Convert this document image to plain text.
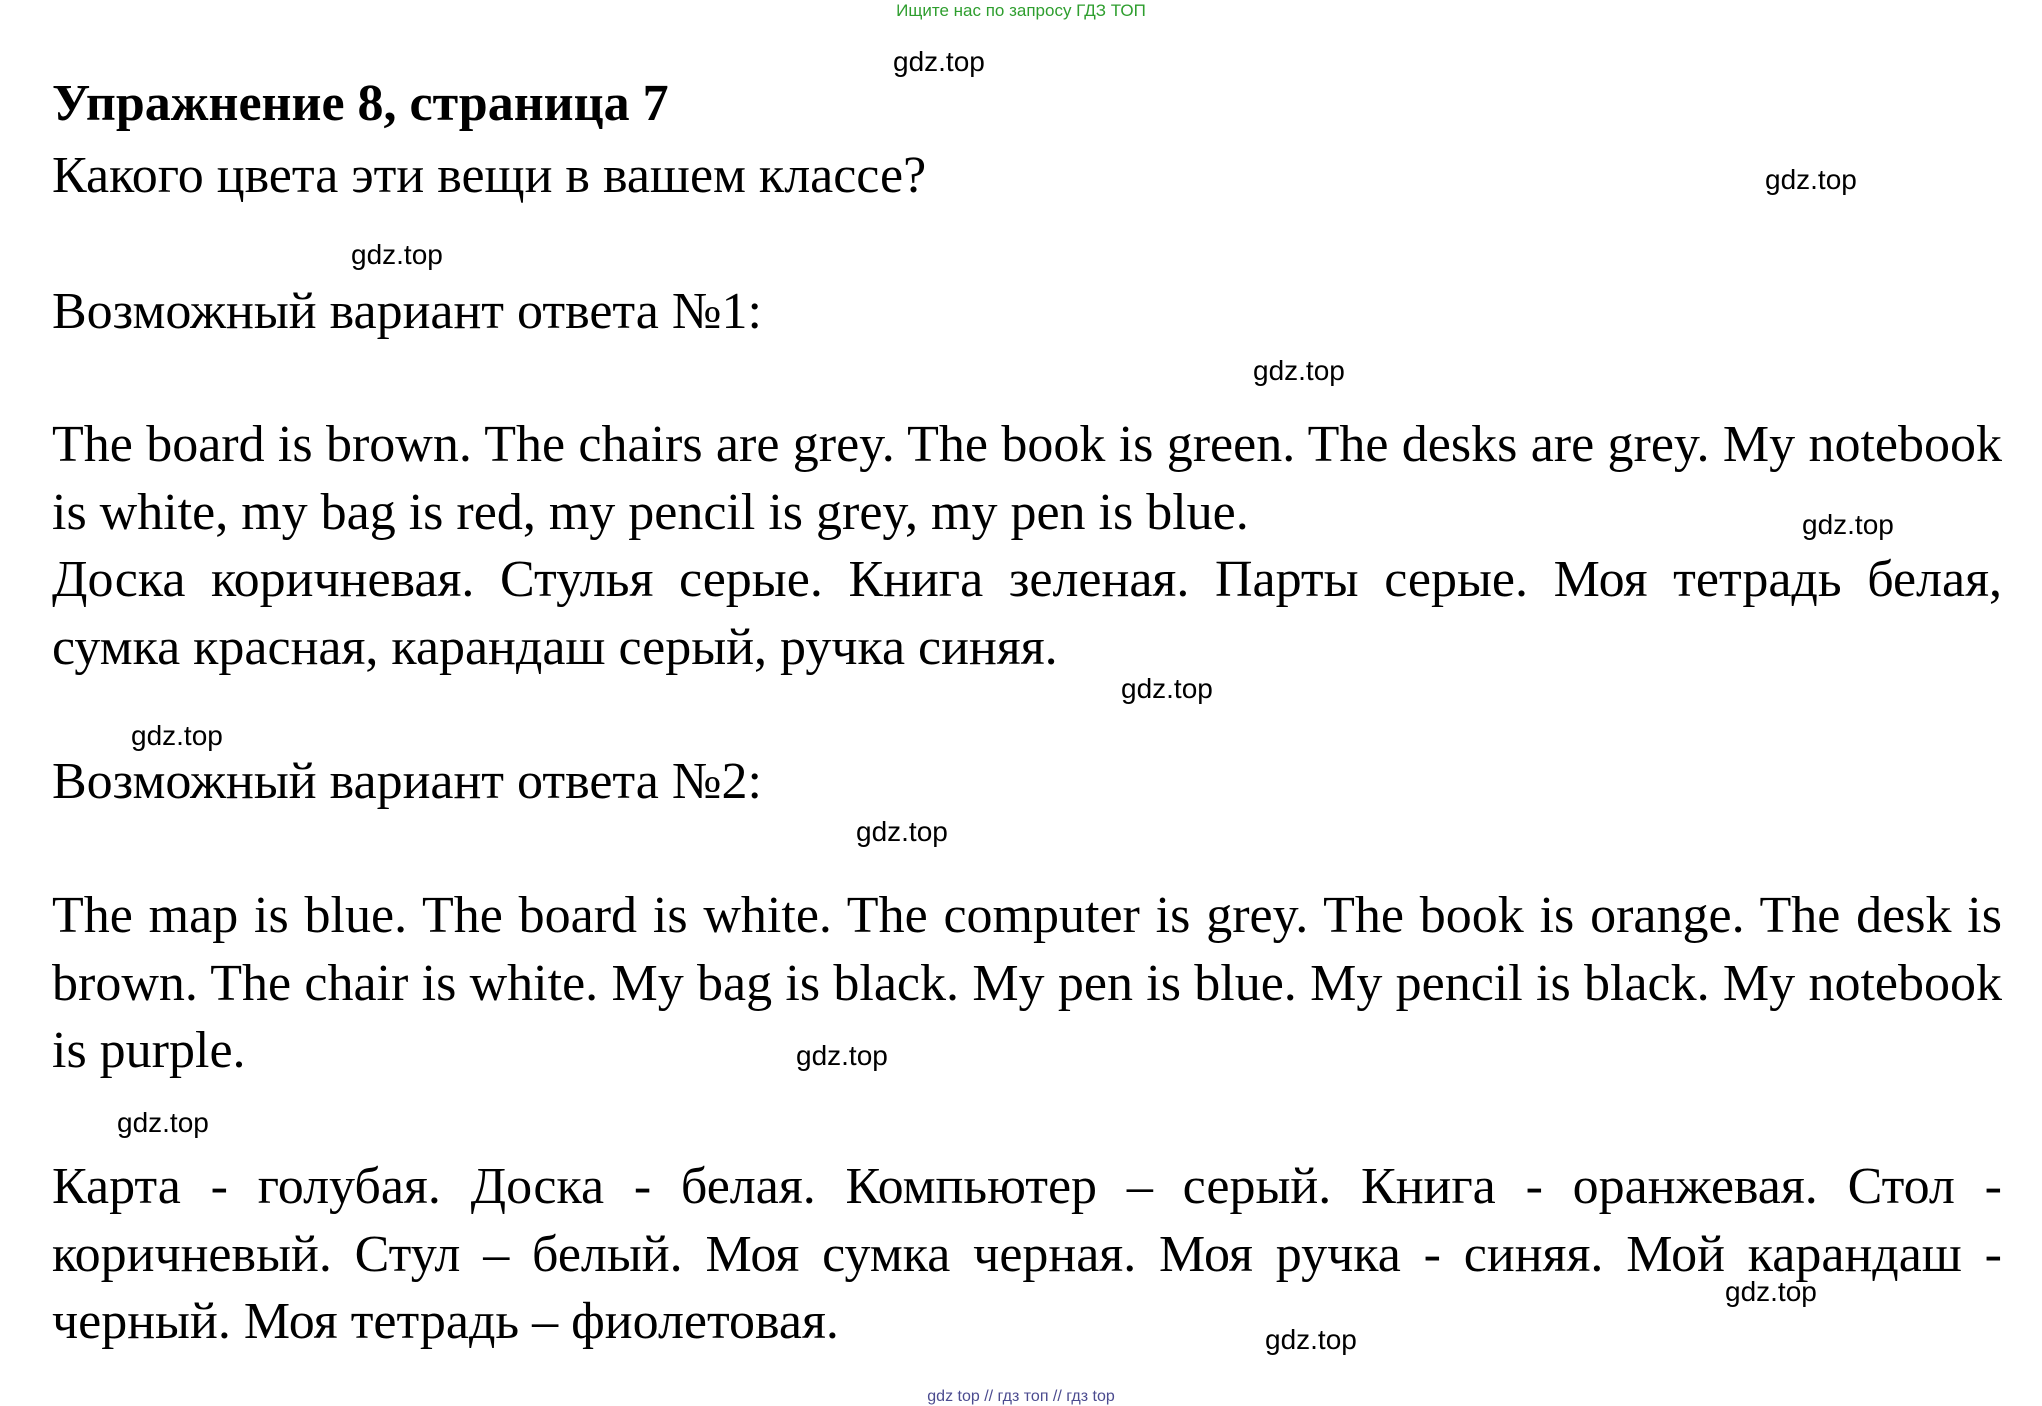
Ищите нас по запросу ГДЗ ТОП
Упражнение 8, страница 7
Какого цвета эти вещи в вашем классе?
Возможный вариант ответа №1:
The board is brown. The chairs are grey. The book is green. The desks are grey. My notebook is white, my bag is red, my pencil is grey, my pen is blue.
Доска коричневая. Стулья серые. Книга зеленая. Парты серые. Моя тетрадь белая, сумка красная, карандаш серый, ручка синяя.
Возможный вариант ответа №2:
The map is blue. The board is white. The computer is grey. The book is orange. The desk is brown. The chair is white. My bag is black. My pen is blue. My pencil is black. My notebook is purple.
Карта - голубая. Доска - белая. Компьютер – серый. Книга - оранжевая. Стол - коричневый. Стул – белый. Моя сумка черная. Моя ручка - синяя. Мой карандаш - черный. Моя тетрадь – фиолетовая.
gdz.top
gdz.top
gdz.top
gdz.top
gdz.top
gdz.top
gdz.top
gdz.top
gdz.top
gdz.top
gdz.top
gdz.top
gdz top // гдз топ // гдз top
